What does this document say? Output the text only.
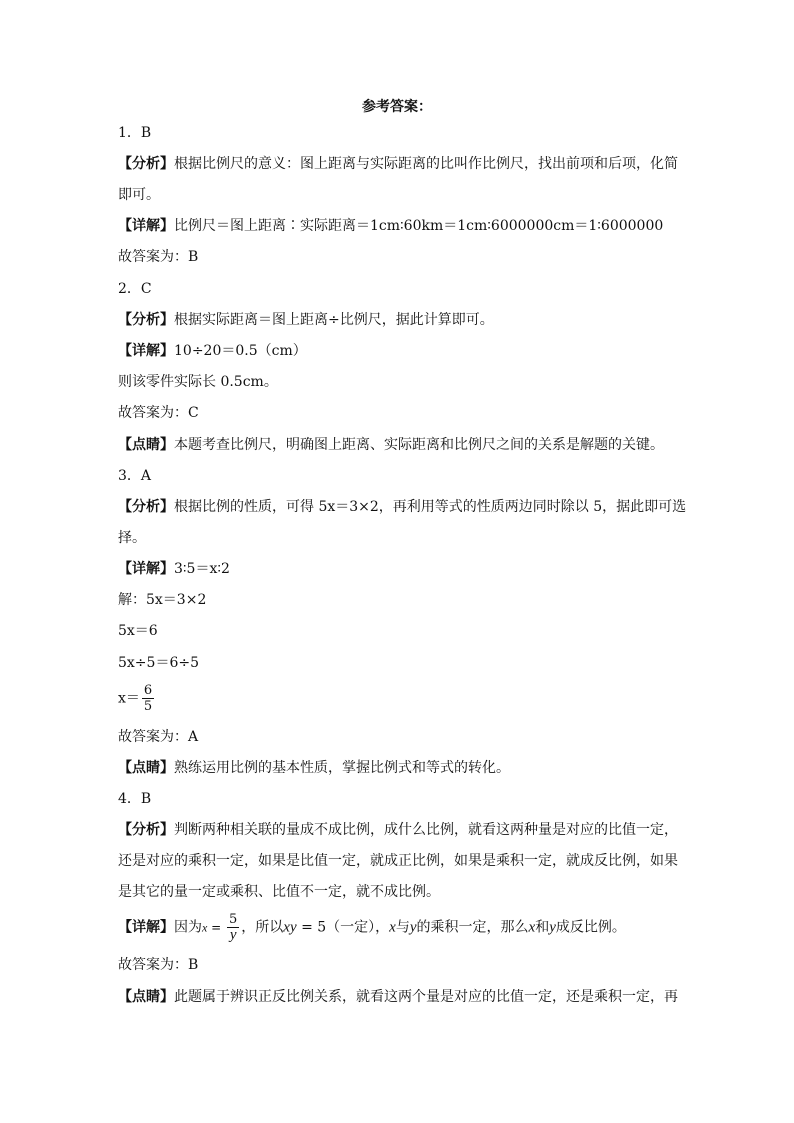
参考答案：
1．B
【分析】根据比例尺的意义：图上距离与实际距离的比叫作比例尺，找出前项和后项，化简
即可。
【详解】比例尺＝图上距离∶实际距离＝1cm∶60km＝1cm∶6000000cm＝1∶6000000
故答案为：B
2．C
【分析】根据实际距离＝图上距离÷比例尺，据此计算即可。
【详解】10÷20＝0.5（cm）
则该零件实际长 0.5cm。
故答案为：C
【点睛】本题考查比例尺，明确图上距离、实际距离和比例尺之间的关系是解题的关键。
3．A
【分析】根据比例的性质，可得 5x＝3×2，再利用等式的性质两边同时除以 5，据此即可选
择。
【详解】3∶5＝x∶2
解：5x＝3×2
5x＝6
5x÷5＝6÷5
$x= \frac{6}{5}$
故答案为：A
【点睛】熟练运用比例的基本性质，掌握比例式和等式的转化。
4．B
【分析】判断两种相关联的量成不成比例，成什么比例，就看这两种量是对应的比值一定，
还是对应的乘积一定，如果是比值一定，就成正比例，如果是乘积一定，就成反比例，如果
是其它的量一定或乘积、比值不一定，就不成比例。
【详解】因为$x = \frac{5}{y}$ ，所以xy = 5（一定），x与y的乘积一定，那么x和y成反比例。
故答案为：B
【点睛】此题属于辨识正反比例关系，就看这两个量是对应的比值一定，还是乘积一定，再
